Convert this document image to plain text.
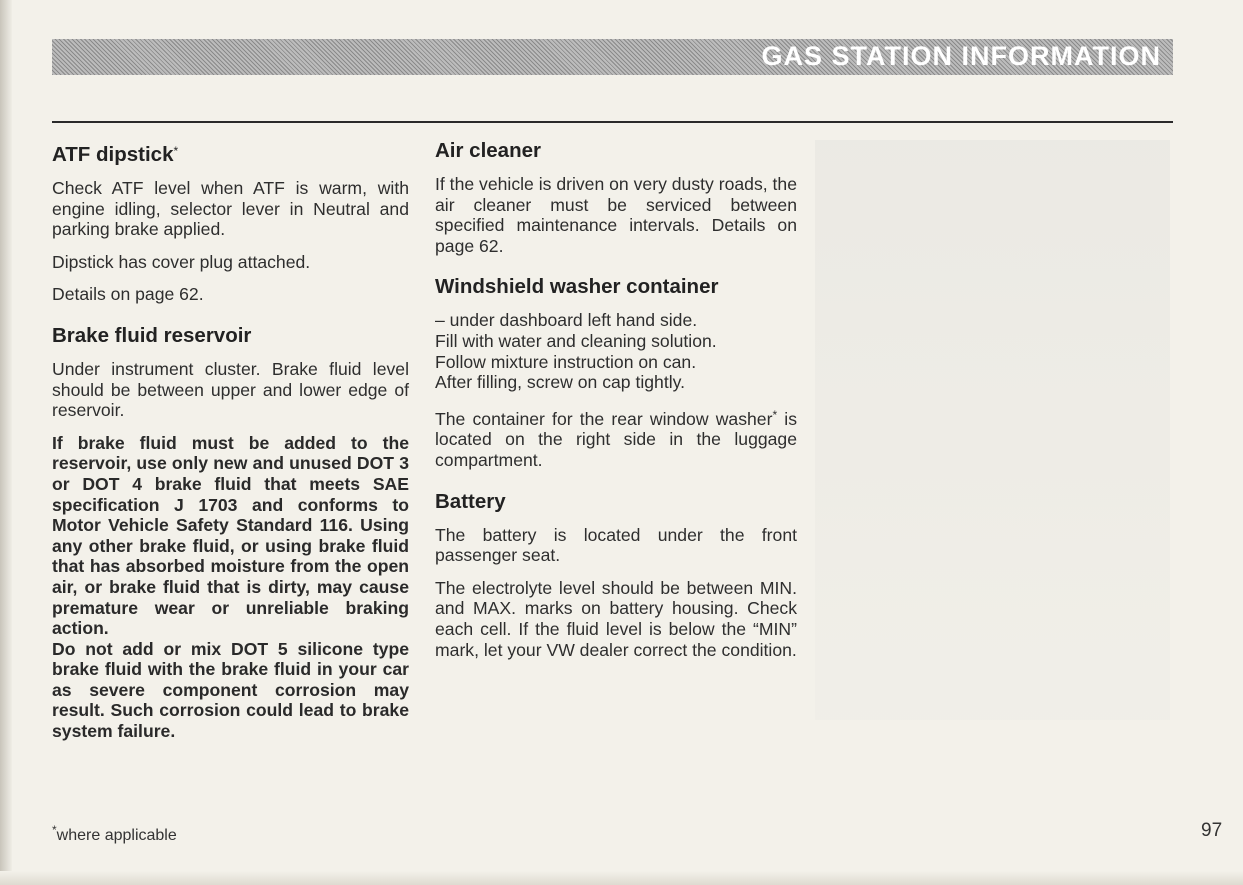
GAS STATION INFORMATION
ATF dipstick*

Check ATF level when ATF is warm, with engine idling, selector lever in Neutral and parking brake applied.

Dipstick has cover plug attached.

Details on page 62.

Brake fluid reservoir

Under instrument cluster. Brake fluid level should be between upper and lower edge of reservoir.

If brake fluid must be added to the reservoir, use only new and unused DOT 3 or DOT 4 brake fluid that meets SAE specification J 1703 and conforms to Motor Vehicle Safety Standard 116. Using any other brake fluid, or using brake fluid that has absorbed moisture from the open air, or brake fluid that is dirty, may cause premature wear or unreliable braking action.

Do not add or mix DOT 5 silicone type brake fluid with the brake fluid in your car as severe component corrosion may result. Such corrosion could lead to brake system failure.

Air cleaner

If the vehicle is driven on very dusty roads, the air cleaner must be serviced between specified maintenance intervals. Details on page 62.

Windshield washer container

– under dashboard left hand side.

Fill with water and cleaning solution.

Follow mixture instruction on can.

After filling, screw on cap tightly.

The container for the rear window washer* is located on the right side in the luggage compartment.

Battery

The battery is located under the front passenger seat.

The electrolyte level should be between MIN. and MAX. marks on battery housing. Check each cell. If the fluid level is below the “MIN” mark, let your VW dealer correct the condition.

*where applicable	97
